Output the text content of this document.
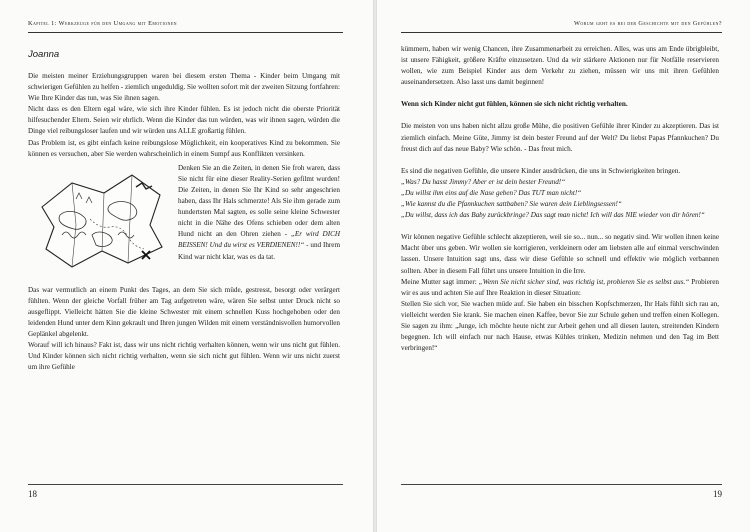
Kapitel 1: Werkzeuge für den Umgang mit Emotionen
Joanna

Die meisten meiner Erziehungsgruppen waren bei diesem ersten Thema - Kinder beim Umgang mit schwierigen Gefühlen zu helfen - ziemlich ungeduldig. Sie wollten sofort mit der zweiten Sitzung fortfahren: Wie Ihre Kinder das tun, was Sie ihnen sagen.

Nicht dass es den Eltern egal wäre, wie sich ihre Kinder fühlen. Es ist jedoch nicht die oberste Priorität hilfesuchender Eltern. Seien wir ehrlich. Wenn die Kinder das tun würden, was wir ihnen sagen, würden die Dinge viel reibungsloser laufen und wir würden uns ALLE großartig fühlen.

Das Problem ist, es gibt einfach keine reibungslose Möglichkeit, ein kooperatives Kind zu bekommen. Sie können es versuchen, aber Sie werden wahrscheinlich in einem Sumpf aus Konflikten versinken.

Denken Sie an die Zeiten, in denen Sie froh waren, dass Sie nicht für eine dieser Reality-Serien gefilmt wurden! Die Zeiten, in denen Sie Ihr Kind so sehr angeschrien haben, dass Ihr Hals schmerzte! Als Sie ihm gerade zum hundertsten Mal sagten, es solle seine kleine Schwester nicht in die Nähe des Ofens schieben oder dem alten Hund nicht an den Ohren ziehen - „Er wird DICH BEISSEN! Und du wirst es VERDIENEN!!“ - und Ihrem Kind war nicht klar, was es da tat.

Das war vermutlich an einem Punkt des Tages, an dem Sie sich müde, gestresst, besorgt oder verärgert fühlten. Wenn der gleiche Vorfall früher am Tag aufgetreten wäre, wären Sie selbst unter Druck nicht so ausgeflippt. Vielleicht hätten Sie die kleine Schwester mit einem schnellen Kuss hochgehoben oder den leidenden Hund unter dem Kinn gekrault und Ihren jungen Wilden mit einem verständnisvollen humorvollen Geplänkel abgelenkt.

Worauf will ich hinaus? Fakt ist, dass wir uns nicht richtig verhalten können, wenn wir uns nicht gut fühlen. Und Kinder können sich nicht richtig verhalten, wenn sie sich nicht gut fühlen. Wenn wir uns nicht zuerst um ihre Gefühle

18
Worum geht es bei der Geschichte mit den Gefühlen?

kümmern, haben wir wenig Chancen, ihre Zusammenarbeit zu erreichen. Alles, was uns am Ende übrigbleibt, ist unsere Fähigkeit, größere Kräfte einzusetzen. Und da wir stärkere Aktionen nur für Notfälle reservieren wollen, wie zum Beispiel Kinder aus dem Verkehr zu ziehen, müssen wir uns mit ihren Gefühlen auseinandersetzen. Also lasst uns damit beginnen!

Wenn sich Kinder nicht gut fühlen, können sie sich nicht richtig verhalten.

Die meisten von uns haben nicht allzu große Mühe, die positiven Gefühle ihrer Kinder zu akzeptieren. Das ist ziemlich einfach. Meine Güte, Jimmy ist dein bester Freund auf der Welt? Du liebst Papas Pfannkuchen? Du freust dich auf das neue Baby? Wie schön. - Das freut mich.

Es sind die negativen Gefühle, die unsere Kinder ausdrücken, die uns in Schwierigkeiten bringen.

„Was? Du hasst Jimmy? Aber er ist dein bester Freund!“

„Du willst ihm eins auf die Nase geben? Das TUT man nicht!“

„Wie kannst du die Pfannkuchen sattbaben? Sie waren dein Lieblingsessen!“

„Du willst, dass ich das Baby zurückbringe? Das sagt man nicht! Ich will das NIE wieder von dir hören!“

Wir können negative Gefühle schlecht akzeptieren, weil sie so... nun... so negativ sind. Wir wollen ihnen keine Macht über uns geben. Wir wollen sie korrigieren, verkleinern oder am liebsten alle auf einmal verschwinden lassen. Unsere Intuition sagt uns, dass wir diese Gefühle so schnell und effektiv wie möglich verbannen sollten. Aber in diesem Fall führt uns unsere Intuition in die Irre.

Meine Mutter sagt immer: „Wenn Sie nicht sicher sind, was richtig ist, probieren Sie es selbst aus.“ Probieren wir es aus und achten Sie auf Ihre Reaktion in dieser Situation:

Stellen Sie sich vor, Sie wachen müde auf. Sie haben ein bisschen Kopfschmerzen, Ihr Hals fühlt sich rau an, vielleicht werden Sie krank. Sie machen einen Kaffee, bevor Sie zur Schule gehen und treffen einen Kollegen. Sie sagen zu ihm: „Junge, ich möchte heute nicht zur Arbeit gehen und all diesen lauten, streitenden Kindern begegnen. Ich will einfach nur nach Hause, etwas Kühles trinken, Medizin nehmen und den Tag im Bett verbringen!“

19
